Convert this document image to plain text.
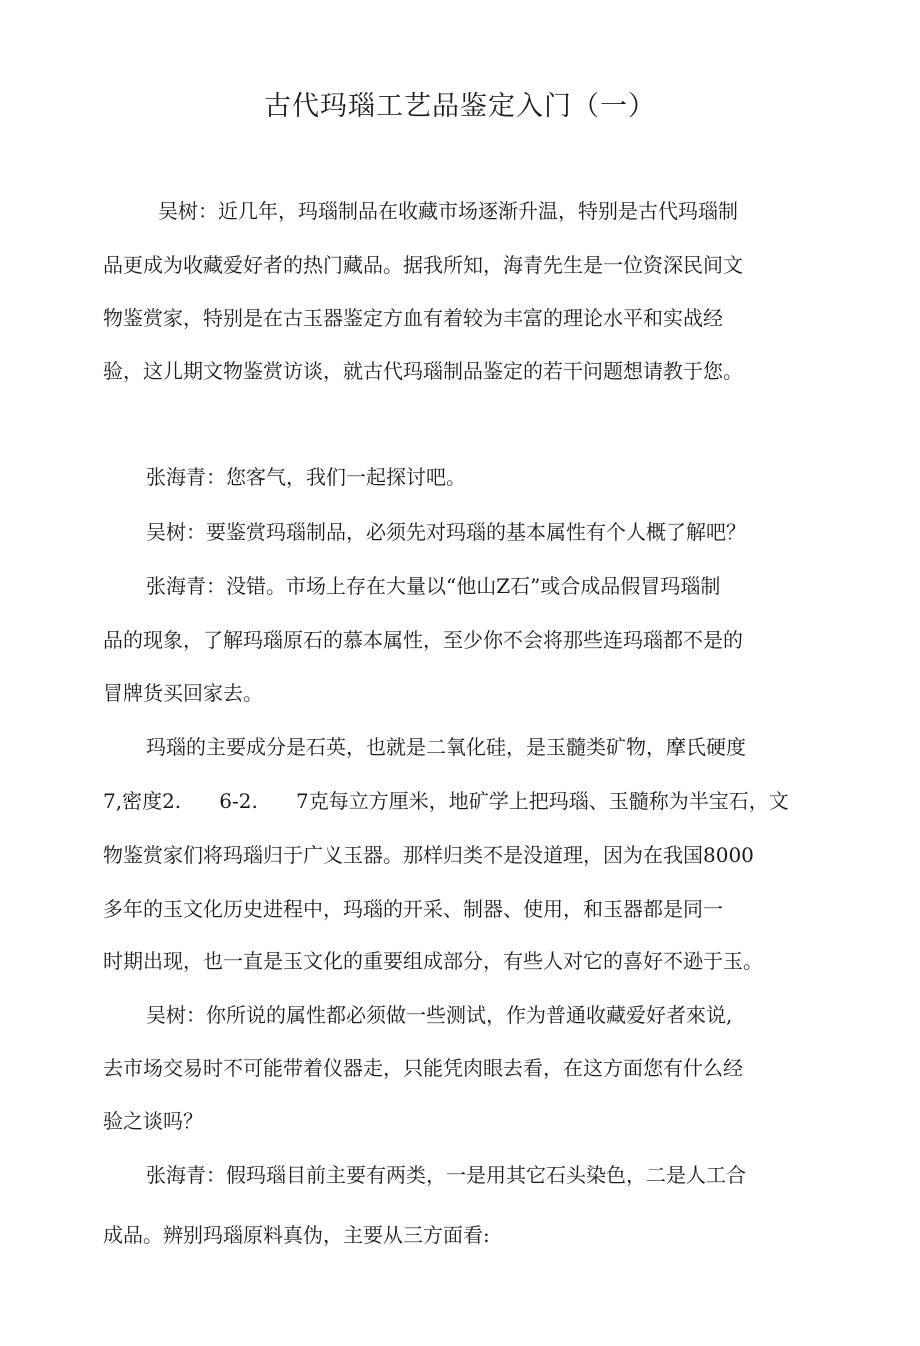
古代玛瑙工艺品鉴定入门（一）

吴树：近几年，玛瑙制品在收藏市场逐渐升温，特别是古代玛瑙制

品更成为收藏爱好者的热门藏品。据我所知，海青先生是一位资深民间文

物鉴赏家，特别是在古玉器鉴定方血有着较为丰富的理论水平和实战经

验，这儿期文物鉴赏访谈，就古代玛瑙制品鉴定的若干问题想请教于您。

张海青：您客气，我们一起探讨吧。

吴树：要鉴赏玛瑙制品，必须先对玛瑙的基本属性有个人概了解吧？

张海青：没错。市场上存在大量以“他山Z石”或合成品假冒玛瑙制

品的现象，了解玛瑙原石的慕本属性，至少你不会将那些连玛瑙都不是的

冒牌货买回家去。

玛瑙的主要成分是石英，也就是二氧化硅，是玉髓类矿物，摩氏硬度

7,密度2.      6-2.      7克每立方厘米，地矿学上把玛瑙、玉髓称为半宝石，文

物鉴赏家们将玛瑙归于广义玉器。那样归类不是没道理，因为在我国8000

多年的玉文化历史进程中，玛瑙的开采、制器、使用，和玉器都是同一

时期出现，也一直是玉文化的重要组成部分，有些人对它的喜好不逊于玉。

吴树：你所说的属性都必须做一些测试，作为普通收藏爱好者來说,

去市场交易时不可能带着仪器走，只能凭肉眼去看，在这方面您有什么经

验之谈吗？

张海青：假玛瑙目前主要有两类，一是用其它石头染色，二是人工合

成品。辨别玛瑙原料真伪，主要从三方面看:
